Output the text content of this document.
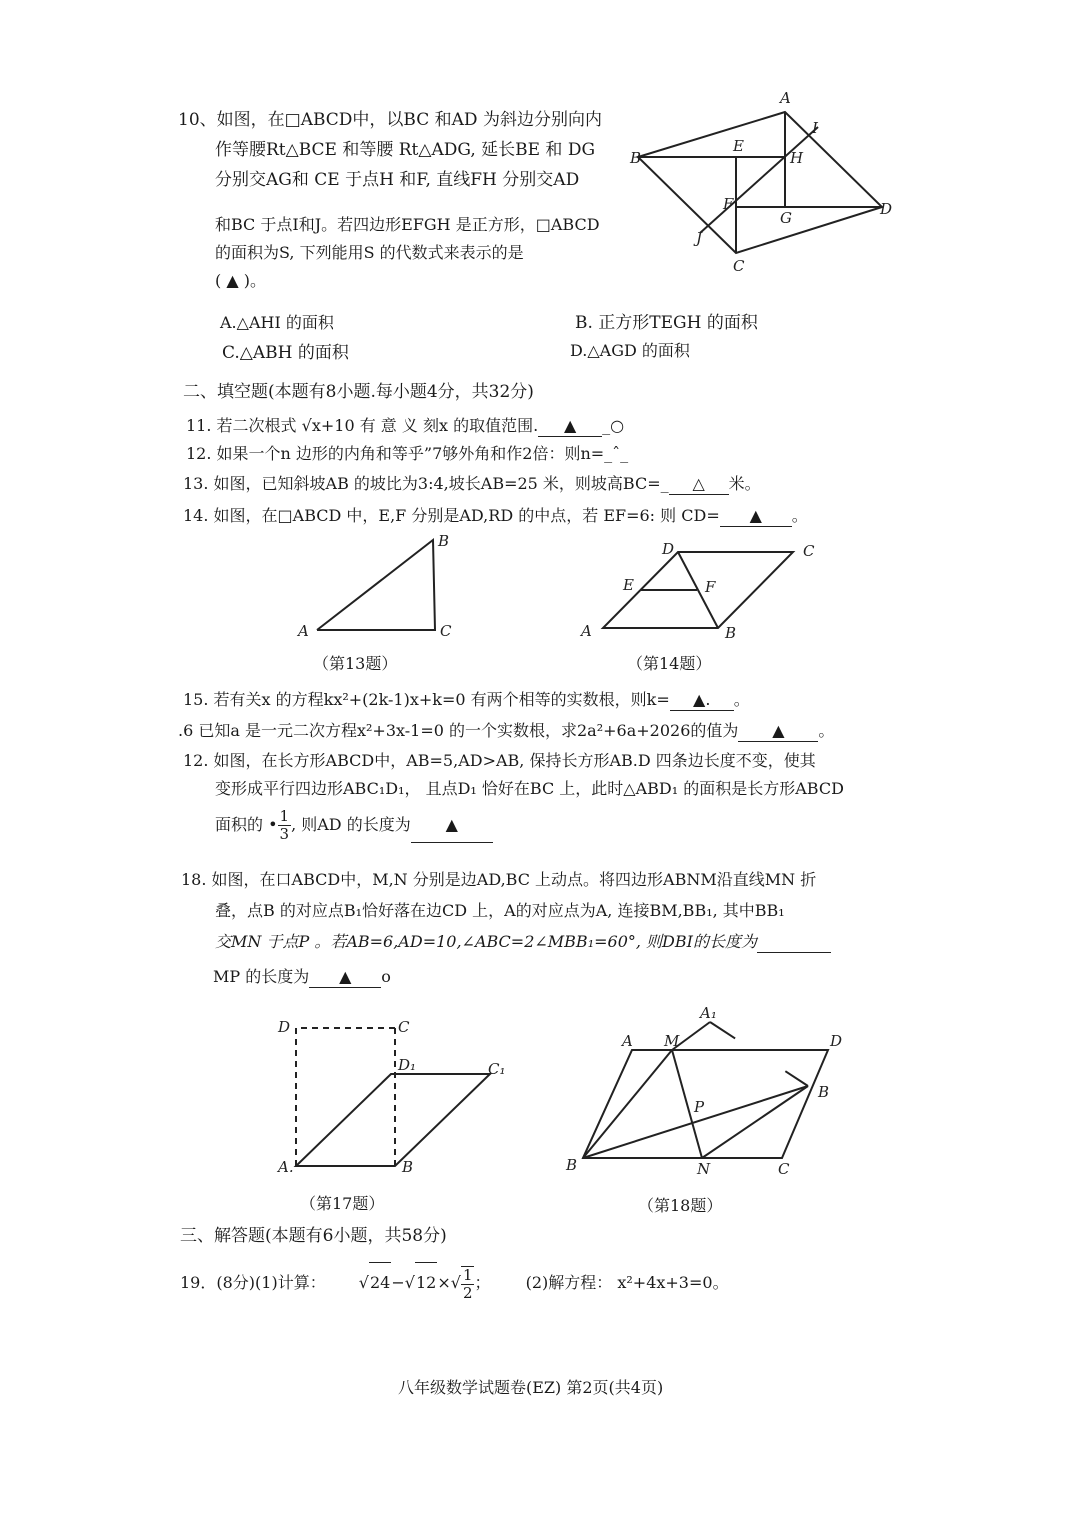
10、如图，在□ABCD中，以BC 和AD 为斜边分别向内
作等腰Rt△BCE 和等腰 Rt△ADG, 延长BE 和 DG
分别交AG和 CE 于点H 和F, 直线FH 分别交AD
和BC 于点I和J。若四边形EFGH 是正方形，□ABCD
的面积为S, 下列能用S 的代数式来表示的是
( ▲ )。
A.△AHI 的面积	B. 正方形TEGH 的面积
C.△ABH 的面积	D.△AGD 的面积
A
I
B
E
H
F
G	D
J
C
二、填空题(本题有8小题.每小题4分，共32分)
11. 若二次根式 √x+10 有 意 义 刻x 的取值范围. ▲ _○
12. 如果一个n 边形的内角和等乎”7够外角和作2倍：则n=_ˆ_
13. 如图，已知斜坡AB 的坡比为3:4,坡长AB=25 米，则坡高BC=_ △ 米。
14. 如图，在□ABCD 中，E,F 分别是AD,RD 的中点，若 EF=6: 则 CD= ▲ 。
B
A	C
（第13题）
D	C
E	F
A	B
（第14题）
15. 若有关x 的方程kx²+(2k-1)x+k=0 有两个相等的实数根，则k= ▲. 。
.6 已知a 是一元二次方程x²+3x-1=0 的一个实数根，求2a²+6a+2026的值为 ▲ 。
12. 如图，在长方形ABCD中，AB=5,AD>AB, 保持长方形AB.D 四条边长度不变，使其
变形成平行四边形ABC₁D₁， 且点D₁ 恰好在BC 上，此时△ABD₁ 的面积是长方形ABCD
面积的 • $\frac{1}{3}$ , 则AD 的长度为 ▲
18. 如图，在口ABCD中，M,N 分别是边AD,BC 上动点。将四边形ABNM沿直线MN 折
叠，点B 的对应点B₁恰好落在边CD 上，A的对应点为A, 连接BM,BB₁, 其中BB₁
交MN 于点P 。若AB=6,AD=10,∠ABC=2∠MBB₁=60°, 则DBI的长度为
MP 的长度为 ▲ o
D	C
D₁	C₁
A.	B
（第17题）
A₁
A M	D
B
P
B	N	C
（第18题）
三、解答题(本题有6小题，共58分)
19．(8分)(1)计算： $√24-√12\times√ \frac{1}{2}$ ； (2)解方程： x²+4x+3=0。
八年级数学试题卷(EZ) 第2页(共4页)
